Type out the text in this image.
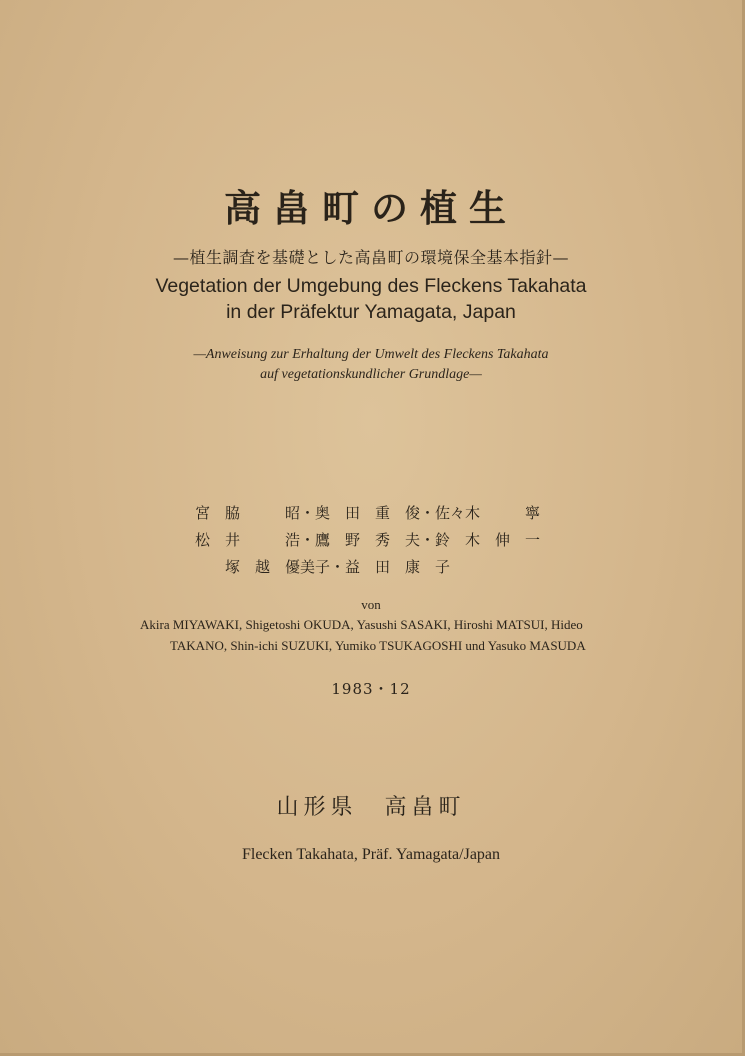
高畠町の植生
—植生調査を基礎とした高畠町の環境保全基本指針—
Vegetation der Umgebung des Fleckens Takahata
in der Präfektur Yamagata, Japan
—Anweisung zur Erhaltung der Umwelt des Fleckens Takahata
auf vegetationskundlicher Grundlage—
宮　脇　　　昭・奥　田　重　俊・佐々木　　　寧
松　井　　　浩・鷹　野　秀　夫・鈴　木　伸　一
　　塚　越　優美子・益　田　康　子
von
Akira MIYAWAKI, Shigetoshi OKUDA, Yasushi SASAKI, Hiroshi MATSUI, Hideo
TAKANO, Shin-ichi SUZUKI, Yumiko TSUKAGOSHI und Yasuko MASUDA
1983・12
山形県　高畠町
Flecken Takahata, Präf. Yamagata/Japan
